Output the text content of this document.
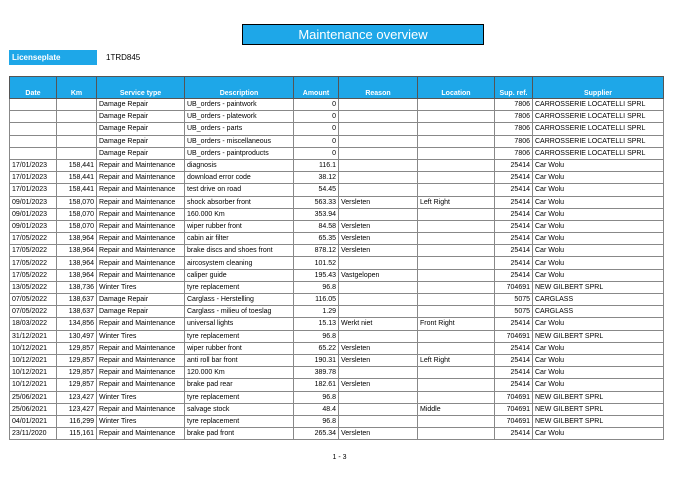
Maintenance overview
Licenseplate	1TRD845
Date	Km	Service type	Description	Amount	Reason	Location	Sup. ref.	Supplier
		Damage Repair	UB_orders - paintwork	0			7806	CARROSSERIE LOCATELLI SPRL
		Damage Repair	UB_orders - platework	0			7806	CARROSSERIE LOCATELLI SPRL
		Damage Repair	UB_orders - parts	0			7806	CARROSSERIE LOCATELLI SPRL
		Damage Repair	UB_orders - miscellaneous	0			7806	CARROSSERIE LOCATELLI SPRL
		Damage Repair	UB_orders - paintproducts	0			7806	CARROSSERIE LOCATELLI SPRL
17/01/2023	158,441	Repair and Maintenance	diagnosis	116.1			25414	Car Wolu
17/01/2023	158,441	Repair and Maintenance	download error code	38.12			25414	Car Wolu
17/01/2023	158,441	Repair and Maintenance	test drive on road	54.45			25414	Car Wolu
09/01/2023	158,070	Repair and Maintenance	shock absorber front	563.33	Versleten	Left Right	25414	Car Wolu
09/01/2023	158,070	Repair and Maintenance	160.000 Km	353.94			25414	Car Wolu
09/01/2023	158,070	Repair and Maintenance	wiper rubber front	84.58	Versleten		25414	Car Wolu
17/05/2022	138,964	Repair and Maintenance	cabin air filter	65.35	Versleten		25414	Car Wolu
17/05/2022	138,964	Repair and Maintenance	brake discs and shoes front	878.12	Versleten		25414	Car Wolu
17/05/2022	138,964	Repair and Maintenance	aircosystem cleaning	101.52			25414	Car Wolu
17/05/2022	138,964	Repair and Maintenance	caliper guide	195.43	Vastgelopen		25414	Car Wolu
13/05/2022	138,736	Winter Tires	tyre replacement	96.8			704691	NEW GILBERT SPRL
07/05/2022	138,637	Damage Repair	Carglass - Herstelling	116.05			5075	CARGLASS
07/05/2022	138,637	Damage Repair	Carglass - milieu of toeslag	1.29			5075	CARGLASS
18/03/2022	134,856	Repair and Maintenance	universal lights	15.13	Werkt niet	Front Right	25414	Car Wolu
31/12/2021	130,497	Winter Tires	tyre replacement	96.8			704691	NEW GILBERT SPRL
10/12/2021	129,857	Repair and Maintenance	wiper rubber front	65.22	Versleten		25414	Car Wolu
10/12/2021	129,857	Repair and Maintenance	anti roll bar front	190.31	Versleten	Left Right	25414	Car Wolu
10/12/2021	129,857	Repair and Maintenance	120.000 Km	389.78			25414	Car Wolu
10/12/2021	129,857	Repair and Maintenance	brake pad rear	182.61	Versleten		25414	Car Wolu
25/06/2021	123,427	Winter Tires	tyre replacement	96.8			704691	NEW GILBERT SPRL
25/06/2021	123,427	Repair and Maintenance	salvage stock	48.4		Middle	704691	NEW GILBERT SPRL
04/01/2021	116,299	Winter Tires	tyre replacement	96.8			704691	NEW GILBERT SPRL
23/11/2020	115,161	Repair and Maintenance	brake pad front	265.34	Versleten		25414	Car Wolu
1 - 3
